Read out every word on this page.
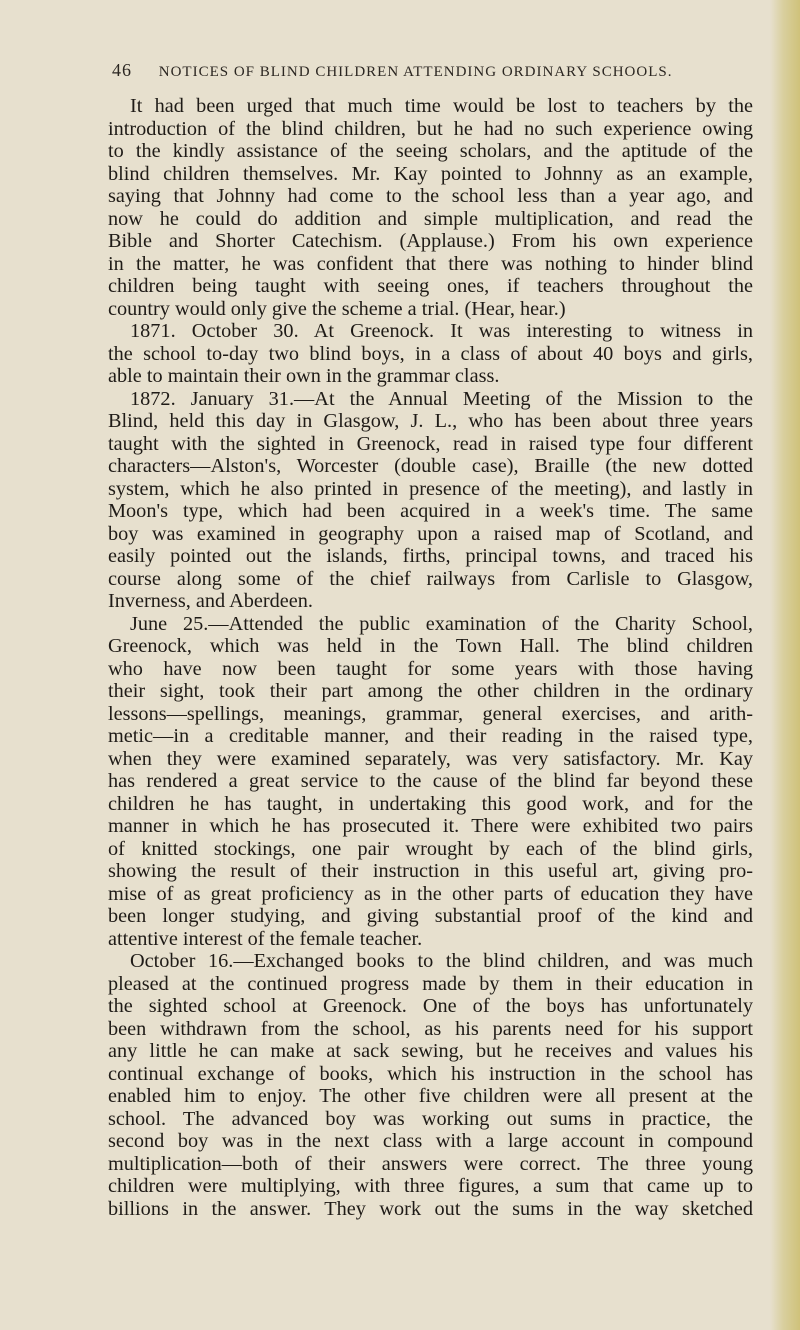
46 NOTICES OF BLIND CHILDREN ATTENDING ORDINARY SCHOOLS.
It had been urged that much time would be lost to teachers by the
introduction of the blind children, but he had no such experience owing
to the kindly assistance of the seeing scholars, and the aptitude of the
blind children themselves. Mr. Kay pointed to Johnny as an example,
saying that Johnny had come to the school less than a year ago, and
now he could do addition and simple multiplication, and read the
Bible and Shorter Catechism. (Applause.) From his own experience
in the matter, he was confident that there was nothing to hinder blind
children being taught with seeing ones, if teachers throughout the
country would only give the scheme a trial. (Hear, hear.)
1871. October 30. At Greenock. It was interesting to witness in
the school to-day two blind boys, in a class of about 40 boys and girls,
able to maintain their own in the grammar class.
1872. January 31.—At the Annual Meeting of the Mission to the
Blind, held this day in Glasgow, J. L., who has been about three years
taught with the sighted in Greenock, read in raised type four different
characters—Alston's, Worcester (double case), Braille (the new dotted
system, which he also printed in presence of the meeting), and lastly in
Moon's type, which had been acquired in a week's time. The same
boy was examined in geography upon a raised map of Scotland, and
easily pointed out the islands, firths, principal towns, and traced his
course along some of the chief railways from Carlisle to Glasgow,
Inverness, and Aberdeen.
June 25.—Attended the public examination of the Charity School,
Greenock, which was held in the Town Hall. The blind children
who have now been taught for some years with those having
their sight, took their part among the other children in the ordinary
lessons—spellings, meanings, grammar, general exercises, and arith-
metic—in a creditable manner, and their reading in the raised type,
when they were examined separately, was very satisfactory. Mr. Kay
has rendered a great service to the cause of the blind far beyond these
children he has taught, in undertaking this good work, and for the
manner in which he has prosecuted it. There were exhibited two pairs
of knitted stockings, one pair wrought by each of the blind girls,
showing the result of their instruction in this useful art, giving pro-
mise of as great proficiency as in the other parts of education they have
been longer studying, and giving substantial proof of the kind and
attentive interest of the female teacher.
October 16.—Exchanged books to the blind children, and was much
pleased at the continued progress made by them in their education in
the sighted school at Greenock. One of the boys has unfortunately
been withdrawn from the school, as his parents need for his support
any little he can make at sack sewing, but he receives and values his
continual exchange of books, which his instruction in the school has
enabled him to enjoy. The other five children were all present at the
school. The advanced boy was working out sums in practice, the
second boy was in the next class with a large account in compound
multiplication—both of their answers were correct. The three young
children were multiplying, with three figures, a sum that came up to
billions in the answer. They work out the sums in the way sketched
